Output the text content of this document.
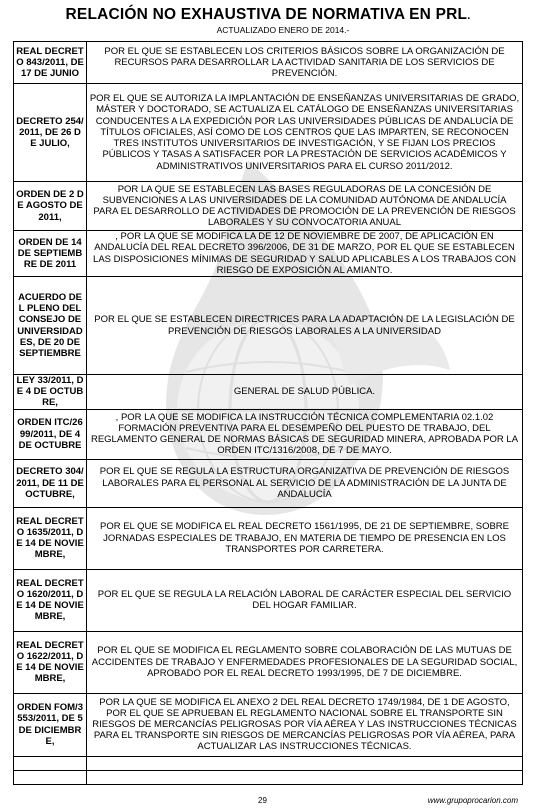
RELACIÓN NO EXHAUSTIVA DE NORMATIVA EN PRL.
ACTUALIZADO ENERO DE 2014.-
REAL DECRETO 843/2011, DE 17 DE JUNIO	POR EL QUE SE ESTABLECEN LOS CRITERIOS BÁSICOS SOBRE LA ORGANIZACIÓN DE RECURSOS PARA DESARROLLAR LA ACTIVIDAD SANITARIA DE LOS SERVICIOS DE PREVENCIÓN.
DECRETO 254/2011, DE 26 DE JULIO,	POR EL QUE SE AUTORIZA LA IMPLANTACIÓN DE ENSEÑANZAS UNIVERSITARIAS DE GRADO, MÁSTER Y DOCTORADO, SE ACTUALIZA EL CATÁLOGO DE ENSEÑANZAS UNIVERSITARIAS CONDUCENTES A LA EXPEDICIÓN POR LAS UNIVERSIDADES PÚBLICAS DE ANDALUCÍA DE TÍTULOS OFICIALES, ASÍ COMO DE LOS CENTROS QUE LAS IMPARTEN, SE RECONOCEN TRES INSTITUTOS UNIVERSITARIOS DE INVESTIGACIÓN, Y SE FIJAN LOS PRECIOS PÚBLICOS Y TASAS A SATISFACER POR LA PRESTACIÓN DE SERVICIOS ACADÉMICOS Y ADMINISTRATIVOS UNIVERSITARIOS PARA EL CURSO 2011/2012.
ORDEN DE 2 DE AGOSTO DE 2011,	POR LA QUE SE ESTABLECEN LAS BASES REGULADORAS DE LA CONCESIÓN DE SUBVENCIONES A LAS UNIVERSIDADES DE LA COMUNIDAD AUTÓNOMA DE ANDALUCÍA PARA EL DESARROLLO DE ACTIVIDADES DE PROMOCIÓN DE LA PREVENCIÓN DE RIESGOS LABORALES Y SU CONVOCATORIA ANUAL
ORDEN DE 14 DE SEPTIEMBRE DE 2011	, POR LA QUE SE MODIFICA LA DE 12 DE NOVIEMBRE DE 2007, DE APLICACIÓN EN ANDALUCÍA DEL REAL DECRETO 396/2006, DE 31 DE MARZO, POR EL QUE SE ESTABLECEN LAS DISPOSICIONES MÍNIMAS DE SEGURIDAD Y SALUD APLICABLES A LOS TRABAJOS CON RIESGO DE EXPOSICIÓN AL AMIANTO.
ACUERDO DEL PLENO DEL CONSEJO DE UNIVERSIDADES, DE 20 DE SEPTIEMBRE	POR EL QUE SE ESTABLECEN DIRECTRICES PARA LA ADAPTACIÓN DE LA LEGISLACIÓN DE PREVENCIÓN DE RIESGOS LABORALES A LA UNIVERSIDAD
LEY 33/2011, DE 4 DE OCTUBRE,	GENERAL DE SALUD PÚBLICA.
ORDEN ITC/2699/2011, DE 4 DE OCTUBRE	, POR LA QUE SE MODIFICA LA INSTRUCCIÓN TÉCNICA COMPLEMENTARIA 02.1.02 FORMACIÓN PREVENTIVA PARA EL DESEMPEÑO DEL PUESTO DE TRABAJO, DEL REGLAMENTO GENERAL DE NORMAS BÁSICAS DE SEGURIDAD MINERA, APROBADA POR LA ORDEN ITC/1316/2008, DE 7 DE MAYO.
DECRETO 304/2011, DE 11 DE OCTUBRE,	POR EL QUE SE REGULA LA ESTRUCTURA ORGANIZATIVA DE PREVENCIÓN DE RIESGOS LABORALES PARA EL PERSONAL AL SERVICIO DE LA ADMINISTRACIÓN DE LA JUNTA DE ANDALUCÍA
REAL DECRETO 1635/2011, DE 14 DE NOVIEMBRE,	POR EL QUE SE MODIFICA EL REAL DECRETO 1561/1995, DE 21 DE SEPTIEMBRE, SOBRE JORNADAS ESPECIALES DE TRABAJO, EN MATERIA DE TIEMPO DE PRESENCIA EN LOS TRANSPORTES POR CARRETERA.
REAL DECRETO 1620/2011, DE 14 DE NOVIEMBRE,	POR EL QUE SE REGULA LA RELACIÓN LABORAL DE CARÁCTER ESPECIAL DEL SERVICIO DEL HOGAR FAMILIAR.
REAL DECRETO 1622/2011, DE 14 DE NOVIEMBRE,	POR EL QUE SE MODIFICA EL REGLAMENTO SOBRE COLABORACIÓN DE LAS MUTUAS DE ACCIDENTES DE TRABAJO Y ENFERMEDADES PROFESIONALES DE LA SEGURIDAD SOCIAL, APROBADO POR EL REAL DECRETO 1993/1995, DE 7 DE DICIEMBRE.
ORDEN FOM/3553/2011, DE 5 DE DICIEMBRE,	POR LA QUE SE MODIFICA EL ANEXO 2 DEL REAL DECRETO 1749/1984, DE 1 DE AGOSTO, POR EL QUE SE APRUEBAN EL REGLAMENTO NACIONAL SOBRE EL TRANSPORTE SIN RIESGOS DE MERCANCÍAS PELIGROSAS POR VÍA AÉREA Y LAS INSTRUCCIONES TÉCNICAS PARA EL TRANSPORTE SIN RIESGOS DE MERCANCÍAS PELIGROSAS POR VÍA AÉREA, PARA ACTUALIZAR LAS INSTRUCCIONES TÉCNICAS.

29	www.grupoprocarion.com
